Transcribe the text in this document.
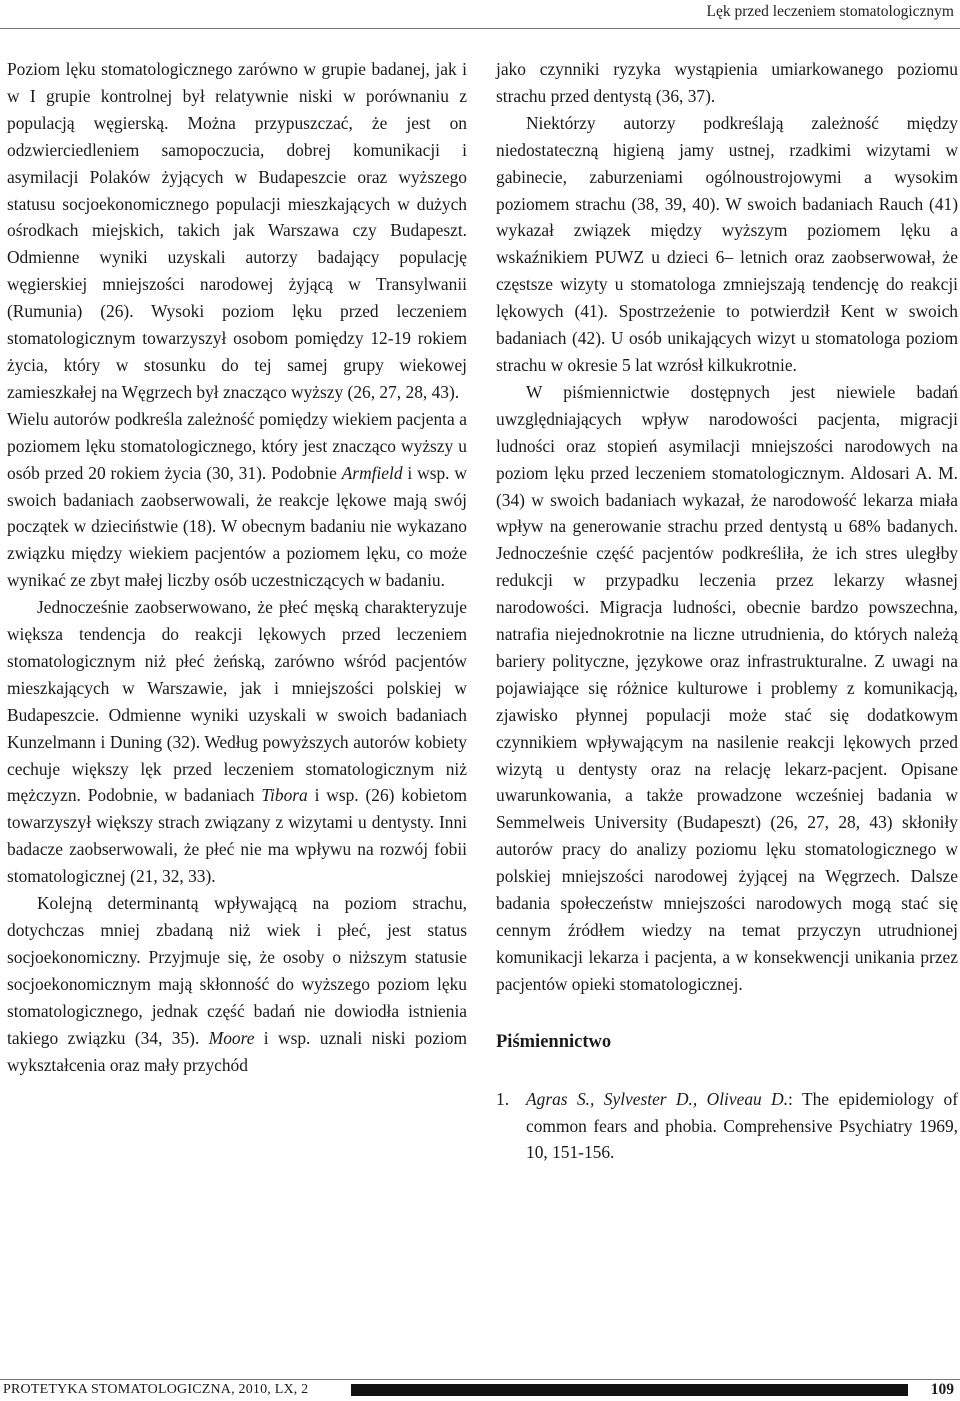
Lęk przed leczeniem stomatologicznym

Poziom lęku stomatologicznego zarówno w grupie badanej, jak i w I grupie kontrolnej był relatywnie niski w porównaniu z populacją węgierską. Można przypuszczać, że jest on odzwierciedleniem samopoczucia, dobrej komunikacji i asymilacji Polaków żyjących w Budapeszcie oraz wyższego statusu socjoekonomicznego populacji mieszkających w dużych ośrodkach miejskich, takich jak Warszawa czy Budapeszt. Odmienne wyniki uzyskali autorzy badający populację węgierskiej mniejszości narodowej żyjącą w Transylwanii (Rumunia) (26). Wysoki poziom lęku przed leczeniem stomatologicznym towarzyszył osobom pomiędzy 12-19 rokiem życia, który w stosunku do tej samej grupy wiekowej zamieszkałej na Węgrzech był znacząco wyższy (26, 27, 28, 43).

Wielu autorów podkreśla zależność pomiędzy wiekiem pacjenta a poziomem lęku stomatologicznego, który jest znacząco wyższy u osób przed 20 rokiem życia (30, 31). Podobnie Armfield i wsp. w swoich badaniach zaobserwowali, że reakcje lękowe mają swój początek w dzieciństwie (18). W obecnym badaniu nie wykazano związku między wiekiem pacjentów a poziomem lęku, co może wynikać ze zbyt małej liczby osób uczestniczących w badaniu.

Jednocześnie zaobserwowano, że płeć męską charakteryzuje większa tendencja do reakcji lękowych przed leczeniem stomatologicznym niż płeć żeńską, zarówno wśród pacjentów mieszkających w Warszawie, jak i mniejszości polskiej w Budapeszcie. Odmienne wyniki uzyskali w swoich badaniach Kunzelmann i Duning (32). Według powyższych autorów kobiety cechuje większy lęk przed leczeniem stomatologicznym niż mężczyzn. Podobnie, w badaniach Tibora i wsp. (26) kobietom towarzyszył większy strach związany z wizytami u dentysty. Inni badacze zaobserwowali, że płeć nie ma wpływu na rozwój fobii stomatologicznej (21, 32, 33).

Kolejną determinantą wpływającą na poziom strachu, dotychczas mniej zbadaną niż wiek i płeć, jest status socjoekonomiczny. Przyjmuje się, że osoby o niższym statusie socjoekonomicznym mają skłonność do wyższego poziom lęku stomatologicznego, jednak część badań nie dowiodła istnienia takiego związku (34, 35). Moore i wsp. uznali niski poziom wykształcenia oraz mały przychód

jako czynniki ryzyka wystąpienia umiarkowanego poziomu strachu przed dentystą (36, 37).

Niektórzy autorzy podkreślają zależność między niedostateczną higieną jamy ustnej, rzadkimi wizytami w gabinecie, zaburzeniami ogólnoustrojowymi a wysokim poziomem strachu (38, 39, 40). W swoich badaniach Rauch (41) wykazał związek między wyższym poziomem lęku a wskaźnikiem PUWZ u dzieci 6– letnich oraz zaobserwował, że częstsze wizyty u stomatologa zmniejszają tendencję do reakcji lękowych (41). Spostrzeżenie to potwierdził Kent w swoich badaniach (42). U osób unikających wizyt u stomatologa poziom strachu w okresie 5 lat wzrósł kilkukrotnie.

W piśmiennictwie dostępnych jest niewiele badań uwzględniających wpływ narodowości pacjenta, migracji ludności oraz stopień asymilacji mniejszości narodowych na poziom lęku przed leczeniem stomatologicznym. Aldosari A. M. (34) w swoich badaniach wykazał, że narodowość lekarza miała wpływ na generowanie strachu przed dentystą u 68% badanych. Jednocześnie część pacjentów podkreśliła, że ich stres uległby redukcji w przypadku leczenia przez lekarzy własnej narodowości. Migracja ludności, obecnie bardzo powszechna, natrafia niejednokrotnie na liczne utrudnienia, do których należą bariery polityczne, językowe oraz infrastrukturalne. Z uwagi na pojawiające się różnice kulturowe i problemy z komunikacją, zjawisko płynnej populacji może stać się dodatkowym czynnikiem wpływającym na nasilenie reakcji lękowych przed wizytą u dentysty oraz na relację lekarz-pacjent. Opisane uwarunkowania, a także prowadzone wcześniej badania w Semmelweis University (Budapeszt) (26, 27, 28, 43) skłoniły autorów pracy do analizy poziomu lęku stomatologicznego w polskiej mniejszości narodowej żyjącej na Węgrzech. Dalsze badania społeczeństw mniejszości narodowych mogą stać się cennym źródłem wiedzy na temat przyczyn utrudnionej komunikacji lekarza i pacjenta, a w konsekwencji unikania przez pacjentów opieki stomatologicznej.

Piśmiennictwo
1. Agras S., Sylvester D., Oliveau D.: The epidemiology of common fears and phobia. Comprehensive Psychiatry 1969, 10, 151-156.
PROTETYKA STOMATOLOGICZNA, 2010, LX, 2	109
